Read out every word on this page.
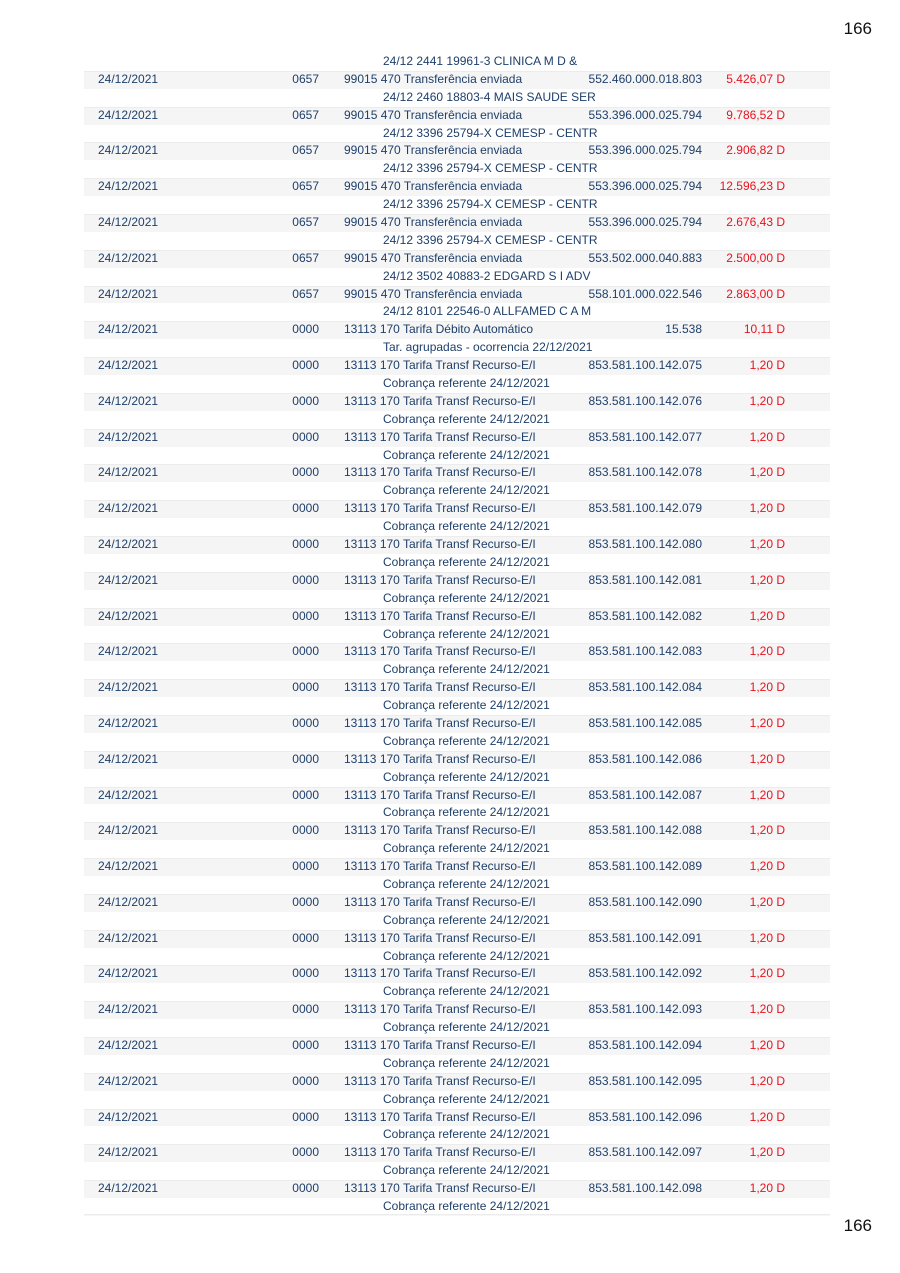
166
24/12 2441 19961-3 CLINICA M D &
24/12/2021	0657 99015 470 Transferência enviada	552.460.000.018.803	5.426,07 D
24/12 2460 18803-4 MAIS SAUDE SER
24/12/2021	0657 99015 470 Transferência enviada	553.396.000.025.794	9.786,52 D
24/12 3396 25794-X CEMESP - CENTR
24/12/2021	0657 99015 470 Transferência enviada	553.396.000.025.794	2.906,82 D
24/12 3396 25794-X CEMESP - CENTR
24/12/2021	0657 99015 470 Transferência enviada	553.396.000.025.794	12.596,23 D
24/12 3396 25794-X CEMESP - CENTR
24/12/2021	0657 99015 470 Transferência enviada	553.396.000.025.794	2.676,43 D
24/12 3396 25794-X CEMESP - CENTR
24/12/2021	0657 99015 470 Transferência enviada	553.502.000.040.883	2.500,00 D
24/12 3502 40883-2 EDGARD S I ADV
24/12/2021	0657 99015 470 Transferência enviada	558.101.000.022.546	2.863,00 D
24/12 8101 22546-0 ALLFAMED C A M
24/12/2021	0000 13113 170 Tarifa Débito Automático	15.538	10,11 D
Tar. agrupadas - ocorrencia 22/12/2021
24/12/2021	0000 13113 170 Tarifa Transf Recurso-E/I	853.581.100.142.075	1,20 D
Cobrança referente 24/12/2021
24/12/2021	0000 13113 170 Tarifa Transf Recurso-E/I	853.581.100.142.076	1,20 D
Cobrança referente 24/12/2021
24/12/2021	0000 13113 170 Tarifa Transf Recurso-E/I	853.581.100.142.077	1,20 D
Cobrança referente 24/12/2021
24/12/2021	0000 13113 170 Tarifa Transf Recurso-E/I	853.581.100.142.078	1,20 D
Cobrança referente 24/12/2021
24/12/2021	0000 13113 170 Tarifa Transf Recurso-E/I	853.581.100.142.079	1,20 D
Cobrança referente 24/12/2021
24/12/2021	0000 13113 170 Tarifa Transf Recurso-E/I	853.581.100.142.080	1,20 D
Cobrança referente 24/12/2021
24/12/2021	0000 13113 170 Tarifa Transf Recurso-E/I	853.581.100.142.081	1,20 D
Cobrança referente 24/12/2021
24/12/2021	0000 13113 170 Tarifa Transf Recurso-E/I	853.581.100.142.082	1,20 D
Cobrança referente 24/12/2021
24/12/2021	0000 13113 170 Tarifa Transf Recurso-E/I	853.581.100.142.083	1,20 D
Cobrança referente 24/12/2021
24/12/2021	0000 13113 170 Tarifa Transf Recurso-E/I	853.581.100.142.084	1,20 D
Cobrança referente 24/12/2021
24/12/2021	0000 13113 170 Tarifa Transf Recurso-E/I	853.581.100.142.085	1,20 D
Cobrança referente 24/12/2021
24/12/2021	0000 13113 170 Tarifa Transf Recurso-E/I	853.581.100.142.086	1,20 D
Cobrança referente 24/12/2021
24/12/2021	0000 13113 170 Tarifa Transf Recurso-E/I	853.581.100.142.087	1,20 D
Cobrança referente 24/12/2021
24/12/2021	0000 13113 170 Tarifa Transf Recurso-E/I	853.581.100.142.088	1,20 D
Cobrança referente 24/12/2021
24/12/2021	0000 13113 170 Tarifa Transf Recurso-E/I	853.581.100.142.089	1,20 D
Cobrança referente 24/12/2021
24/12/2021	0000 13113 170 Tarifa Transf Recurso-E/I	853.581.100.142.090	1,20 D
Cobrança referente 24/12/2021
24/12/2021	0000 13113 170 Tarifa Transf Recurso-E/I	853.581.100.142.091	1,20 D
Cobrança referente 24/12/2021
24/12/2021	0000 13113 170 Tarifa Transf Recurso-E/I	853.581.100.142.092	1,20 D
Cobrança referente 24/12/2021
24/12/2021	0000 13113 170 Tarifa Transf Recurso-E/I	853.581.100.142.093	1,20 D
Cobrança referente 24/12/2021
24/12/2021	0000 13113 170 Tarifa Transf Recurso-E/I	853.581.100.142.094	1,20 D
Cobrança referente 24/12/2021
24/12/2021	0000 13113 170 Tarifa Transf Recurso-E/I	853.581.100.142.095	1,20 D
Cobrança referente 24/12/2021
24/12/2021	0000 13113 170 Tarifa Transf Recurso-E/I	853.581.100.142.096	1,20 D
Cobrança referente 24/12/2021
24/12/2021	0000 13113 170 Tarifa Transf Recurso-E/I	853.581.100.142.097	1,20 D
Cobrança referente 24/12/2021
24/12/2021	0000 13113 170 Tarifa Transf Recurso-E/I	853.581.100.142.098	1,20 D
Cobrança referente 24/12/2021
166
